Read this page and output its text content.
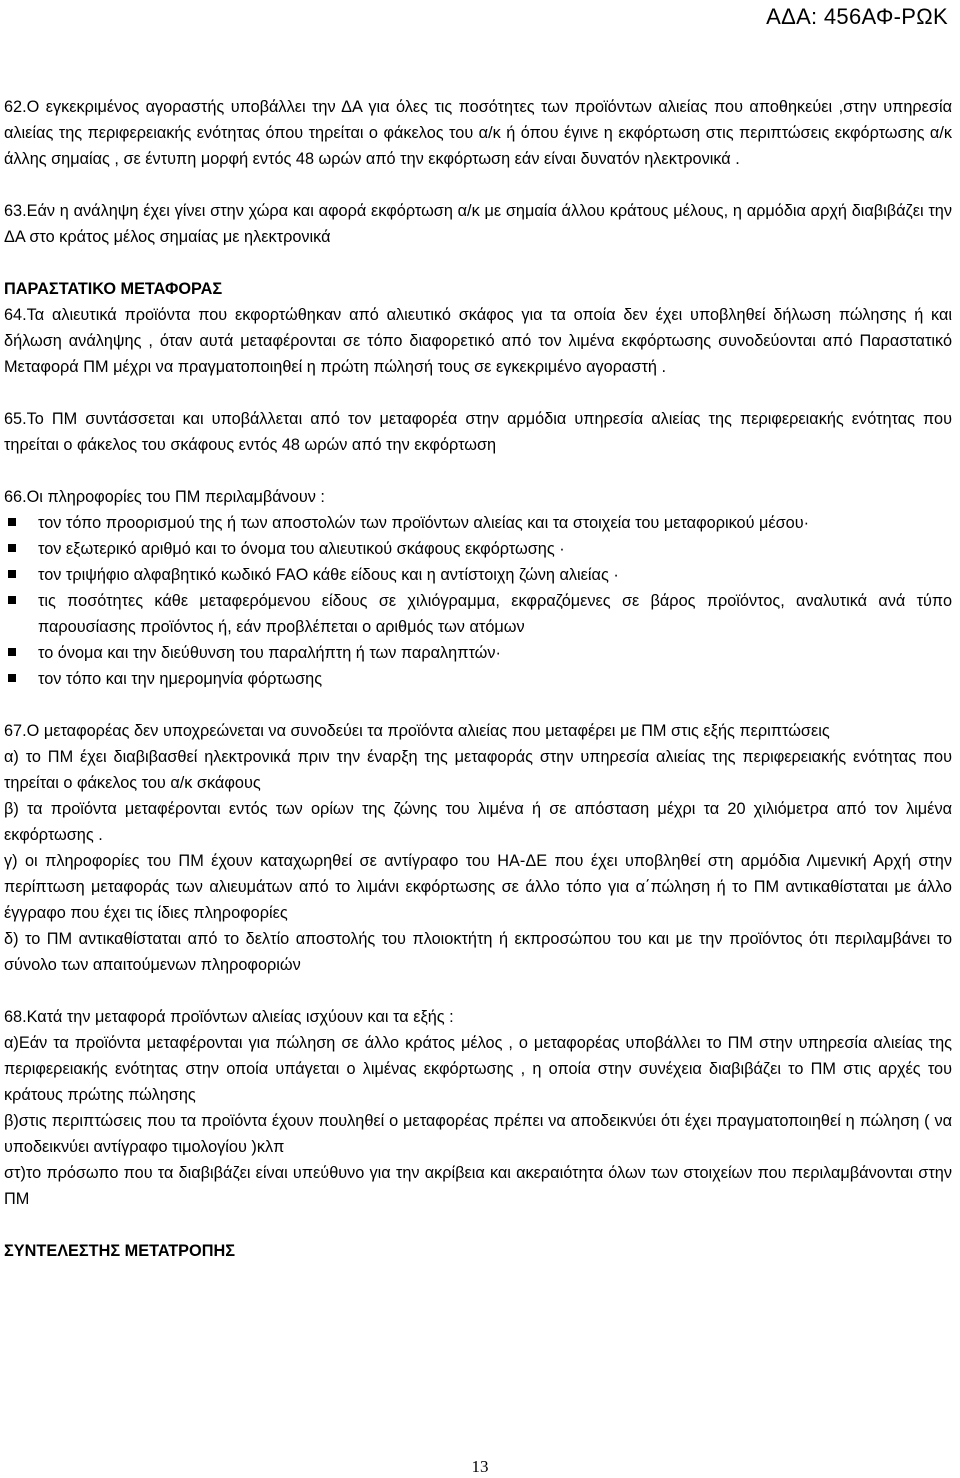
ΑΔΑ: 456ΑΦ-ΡΩΚ

62.Ο εγκεκριμένος αγοραστής υποβάλλει την ΔΑ για όλες τις ποσότητες των προϊόντων αλιείας που αποθηκεύει ,στην υπηρεσία αλιείας της περιφερειακής ενότητας όπου τηρείται ο φάκελος του α/κ ή όπου έγινε η εκφόρτωση στις περιπτώσεις εκφόρτωσης α/κ άλλης σημαίας , σε έντυπη μορφή εντός 48 ωρών από την εκφόρτωση εάν είναι δυνατόν ηλεκτρονικά .

63.Εάν η ανάληψη έχει γίνει στην χώρα και αφορά εκφόρτωση α/κ με σημαία άλλου κράτους μέλους, η αρμόδια αρχή διαβιβάζει την ΔΑ στο κράτος μέλος σημαίας με ηλεκτρονικά

ΠΑΡΑΣΤΑΤΙΚΟ ΜΕΤΑΦΟΡΑΣ

64.Τα αλιευτικά προϊόντα που εκφορτώθηκαν από αλιευτικό σκάφος για τα οποία δεν έχει υποβληθεί δήλωση πώλησης ή και δήλωση ανάληψης , όταν αυτά μεταφέρονται σε τόπο διαφορετικό από τον λιμένα εκφόρτωσης συνοδεύονται από Παραστατικό Μεταφορά ΠΜ μέχρι να πραγματοποιηθεί η πρώτη πώλησή τους σε εγκεκριμένο αγοραστή .

65.Το ΠΜ συντάσσεται και υποβάλλεται από τον μεταφορέα στην αρμόδια υπηρεσία αλιείας της περιφερειακής ενότητας που τηρείται ο φάκελος του σκάφους εντός 48 ωρών από την εκφόρτωση

66.Οι πληροφορίες του ΠΜ περιλαμβάνουν :

τον τόπο προορισμού της ή των αποστολών των προϊόντων αλιείας και τα στοιχεία του μεταφορικού μέσου·
τον εξωτερικό αριθμό και το όνομα του αλιευτικού σκάφους εκφόρτωσης ·
τον τριψήφιο αλφαβητικό κωδικό FAO κάθε είδους και η αντίστοιχη ζώνη αλιείας ·
τις ποσότητες κάθε μεταφερόμενου είδους σε χιλιόγραμμα, εκφραζόμενες σε βάρος προϊόντος, αναλυτικά ανά τύπο παρουσίασης προϊόντος ή, εάν προβλέπεται ο αριθμός των ατόμων
το όνομα και την διεύθυνση του παραλήπτη ή των παραληπτών·
τον τόπο και την ημερομηνία φόρτωσης

67.Ο μεταφορέας δεν υποχρεώνεται να συνοδεύει τα προϊόντα αλιείας που μεταφέρει με ΠΜ στις εξής περιπτώσεις

α) το ΠΜ έχει διαβιβασθεί ηλεκτρονικά πριν την έναρξη της μεταφοράς στην υπηρεσία αλιείας της περιφερειακής ενότητας που τηρείται ο φάκελος του α/κ σκάφους

β) τα προϊόντα μεταφέρονται εντός των ορίων της ζώνης του λιμένα ή σε απόσταση μέχρι τα 20 χιλιόμετρα από τον λιμένα εκφόρτωσης .

γ) οι πληροφορίες του ΠΜ έχουν καταχωρηθεί σε αντίγραφο του ΗΑ-ΔΕ που έχει υποβληθεί στη αρμόδια Λιμενική Αρχή στην περίπτωση μεταφοράς των αλιευμάτων από το λιμάνι εκφόρτωσης σε άλλο τόπο για α΄πώληση ή το ΠΜ αντικαθίσταται με άλλο έγγραφο που έχει τις ίδιες πληροφορίες

δ) το ΠΜ αντικαθίσταται από το δελτίο αποστολής του πλοιοκτήτη ή εκπροσώπου του και με την προϊόντος ότι περιλαμβάνει το σύνολο των απαιτούμενων πληροφοριών

68.Κατά την μεταφορά προϊόντων αλιείας ισχύουν και τα εξής :

α)Εάν τα προϊόντα μεταφέρονται για πώληση σε άλλο κράτος μέλος , ο μεταφορέας υποβάλλει το ΠΜ στην υπηρεσία αλιείας της περιφερειακής ενότητας στην οποία υπάγεται ο λιμένας εκφόρτωσης , η οποία στην συνέχεια διαβιβάζει το ΠΜ στις αρχές του κράτους πρώτης πώλησης

β)στις περιπτώσεις που τα προϊόντα έχουν πουληθεί ο μεταφορέας πρέπει να αποδεικνύει ότι έχει πραγματοποιηθεί η πώληση ( να υποδεικνύει αντίγραφο τιμολογίου )κλπ

στ)το πρόσωπο που τα διαβιβάζει είναι υπεύθυνο για την ακρίβεια και ακεραιότητα όλων των στοιχείων που περιλαμβάνονται στην ΠΜ

ΣΥΝΤΕΛΕΣΤΗΣ ΜΕΤΑΤΡΟΠΗΣ
13
